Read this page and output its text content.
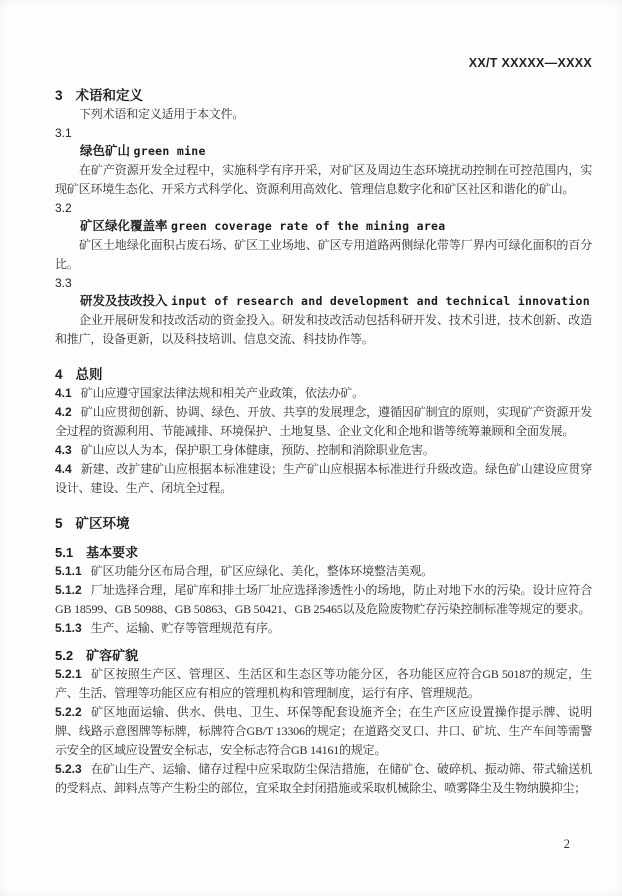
XX/T XXXXX—XXXX
3 术语和定义

下列术语和定义适用于本文件。

3.1

绿色矿山 green mine

在矿产资源开发全过程中，实施科学有序开采，对矿区及周边生态环境扰动控制在可控范围内，实现矿区环境生态化、开采方式科学化、资源利用高效化、管理信息数字化和矿区社区和谐化的矿山。

3.2

矿区绿化覆盖率 green coverage rate of the mining area

矿区土地绿化面积占废石场、矿区工业场地、矿区专用道路两侧绿化带等厂界内可绿化面积的百分比。

3.3

研发及技改投入 input of research and development and technical innovation

企业开展研发和技改活动的资金投入。研发和技改活动包括科研开发、技术引进，技术创新、改造和推广，设备更新，以及科技培训、信息交流、科技协作等。

4 总则

4.1 矿山应遵守国家法律法规和相关产业政策，依法办矿。

4.2 矿山应贯彻创新、协调、绿色、开放、共享的发展理念，遵循因矿制宜的原则，实现矿产资源开发全过程的资源利用、节能减排、环境保护、土地复垦、企业文化和企地和谐等统筹兼顾和全面发展。

4.3 矿山应以人为本，保护职工身体健康，预防、控制和消除职业危害。

4.4 新建、改扩建矿山应根据本标准建设；生产矿山应根据本标准进行升级改造。绿色矿山建设应贯穿设计、建设、生产、闭坑全过程。

5 矿区环境
5.1 基本要求

5.1.1 矿区功能分区布局合理，矿区应绿化、美化，整体环境整洁美观。

5.1.2 厂址选择合理，尾矿库和排土场厂址应选择渗透性小的场地，防止对地下水的污染。设计应符合GB 18599、GB 50988、GB 50863、GB 50421、GB 25465以及危险废物贮存污染控制标准等规定的要求。

5.1.3 生产、运输、贮存等管理规范有序。

5.2 矿容矿貌

5.2.1 矿区按照生产区、管理区、生活区和生态区等功能分区，各功能区应符合GB 50187的规定，生产、生活、管理等功能区应有相应的管理机构和管理制度，运行有序、管理规范。

5.2.2 矿区地面运输、供水、供电、卫生、环保等配套设施齐全；在生产区应设置操作提示牌、说明牌、线路示意图牌等标牌，标牌符合GB/T 13306的规定；在道路交叉口、井口、矿坑、生产车间等需警示安全的区域应设置安全标志，安全标志符合GB 14161的规定。

5.2.3 在矿山生产、运输、储存过程中应采取防尘保洁措施，在储矿仓、破碎机、振动筛、带式输送机的受料点、卸料点等产生粉尘的部位，宜采取全封闭措施或采取机械除尘、喷雾降尘及生物纳膜抑尘；

2
